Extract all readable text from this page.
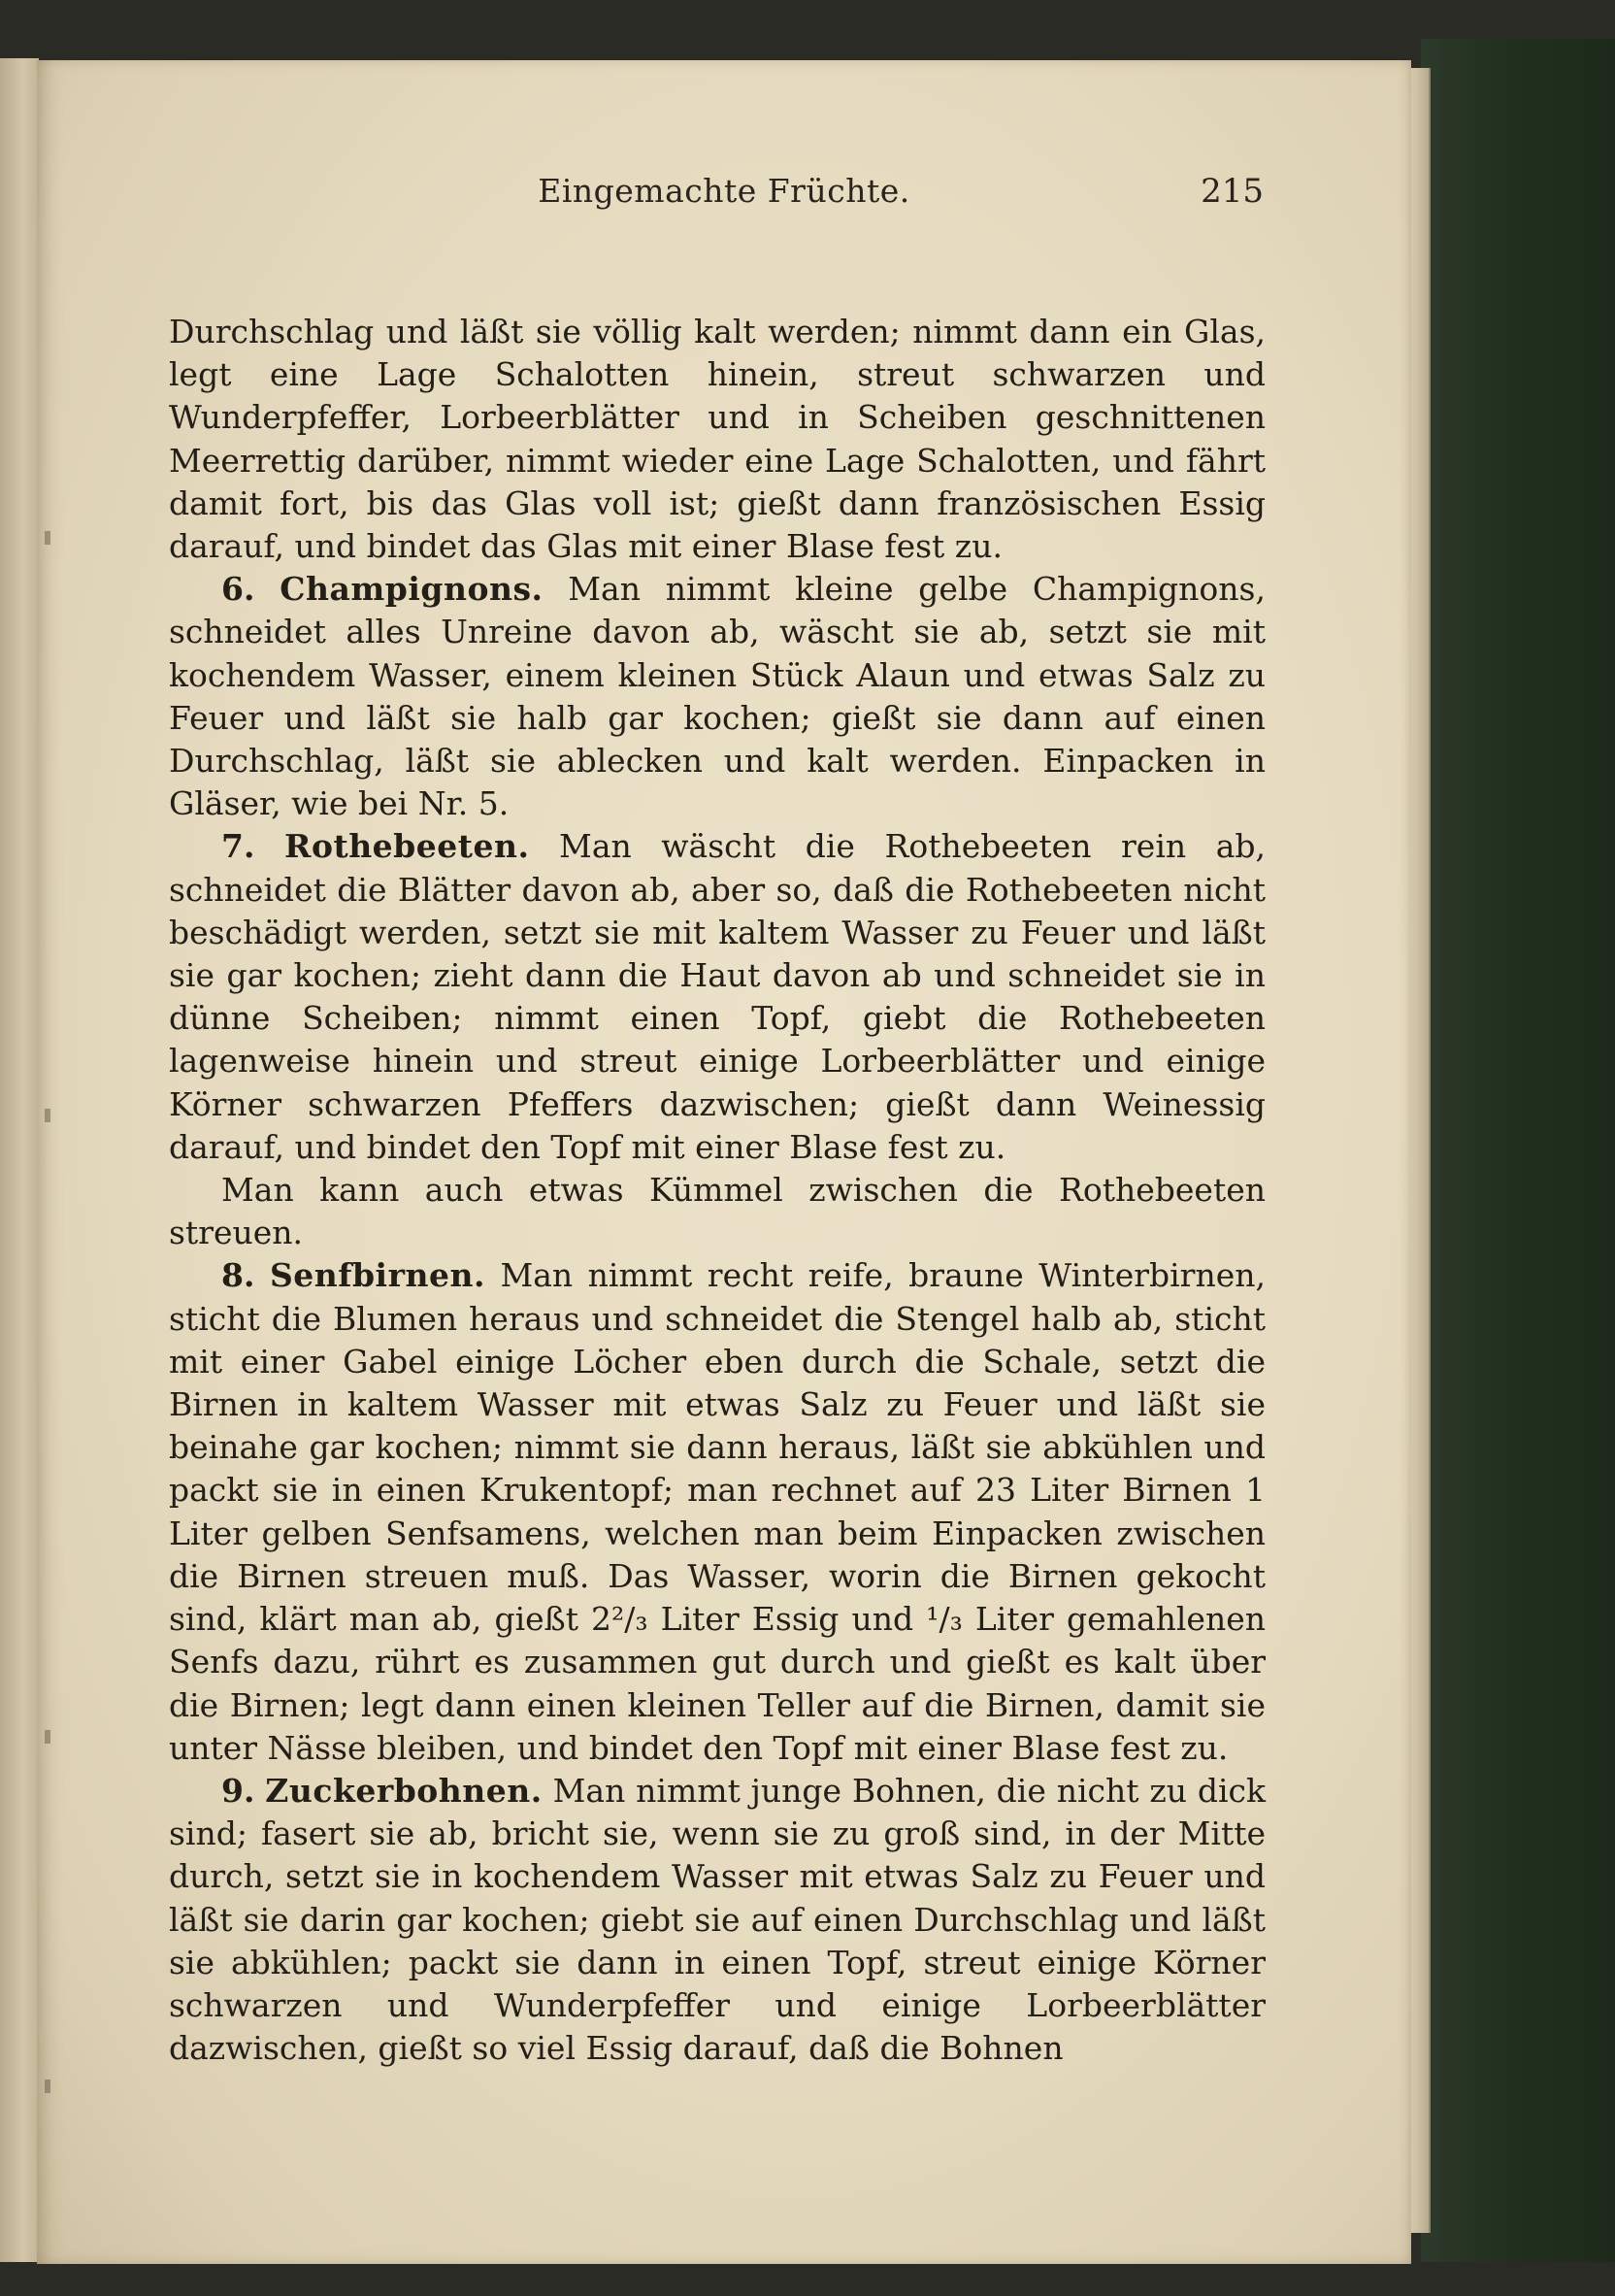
Eingemachte Früchte.	215

Durchschlag und läßt sie völlig kalt werden; nimmt dann ein Glas, legt eine Lage Schalotten hinein, streut schwarzen und Wunderpfeffer, Lorbeerblätter und in Scheiben geschnittenen Meerrettig darüber, nimmt wieder eine Lage Schalotten, und fährt damit fort, bis das Glas voll ist; gießt dann französischen Essig darauf, und bindet das Glas mit einer Blase fest zu.

6. Champignons. Man nimmt kleine gelbe Champignons, schneidet alles Unreine davon ab, wäscht sie ab, setzt sie mit kochendem Wasser, einem kleinen Stück Alaun und etwas Salz zu Feuer und läßt sie halb gar kochen; gießt sie dann auf einen Durchschlag, läßt sie ablecken und kalt werden. Einpacken in Gläser, wie bei Nr. 5.

7. Rothebeeten. Man wäscht die Rothebeeten rein ab, schneidet die Blätter davon ab, aber so, daß die Rothebeeten nicht beschädigt werden, setzt sie mit kaltem Wasser zu Feuer und läßt sie gar kochen; zieht dann die Haut davon ab und schneidet sie in dünne Scheiben; nimmt einen Topf, giebt die Rothebeeten lagenweise hinein und streut einige Lorbeerblätter und einige Körner schwarzen Pfeffers dazwischen; gießt dann Weinessig darauf, und bindet den Topf mit einer Blase fest zu.

Man kann auch etwas Kümmel zwischen die Rothebeeten streuen.

8. Senfbirnen. Man nimmt recht reife, braune Winterbirnen, sticht die Blumen heraus und schneidet die Stengel halb ab, sticht mit einer Gabel einige Löcher eben durch die Schale, setzt die Birnen in kaltem Wasser mit etwas Salz zu Feuer und läßt sie beinahe gar kochen; nimmt sie dann heraus, läßt sie abkühlen und packt sie in einen Krukentopf; man rechnet auf 23 Liter Birnen 1 Liter gelben Senfsamens, welchen man beim Einpacken zwischen die Birnen streuen muß. Das Wasser, worin die Birnen gekocht sind, klärt man ab, gießt 2²/₃ Liter Essig und ¹/₃ Liter gemahlenen Senfs dazu, rührt es zusammen gut durch und gießt es kalt über die Birnen; legt dann einen kleinen Teller auf die Birnen, damit sie unter Nässe bleiben, und bindet den Topf mit einer Blase fest zu.

9. Zuckerbohnen. Man nimmt junge Bohnen, die nicht zu dick sind; fasert sie ab, bricht sie, wenn sie zu groß sind, in der Mitte durch, setzt sie in kochendem Wasser mit etwas Salz zu Feuer und läßt sie darin gar kochen; giebt sie auf einen Durchschlag und läßt sie abkühlen; packt sie dann in einen Topf, streut einige Körner schwarzen und Wunderpfeffer und einige Lorbeerblätter dazwischen, gießt so viel Essig darauf, daß die Bohnen
